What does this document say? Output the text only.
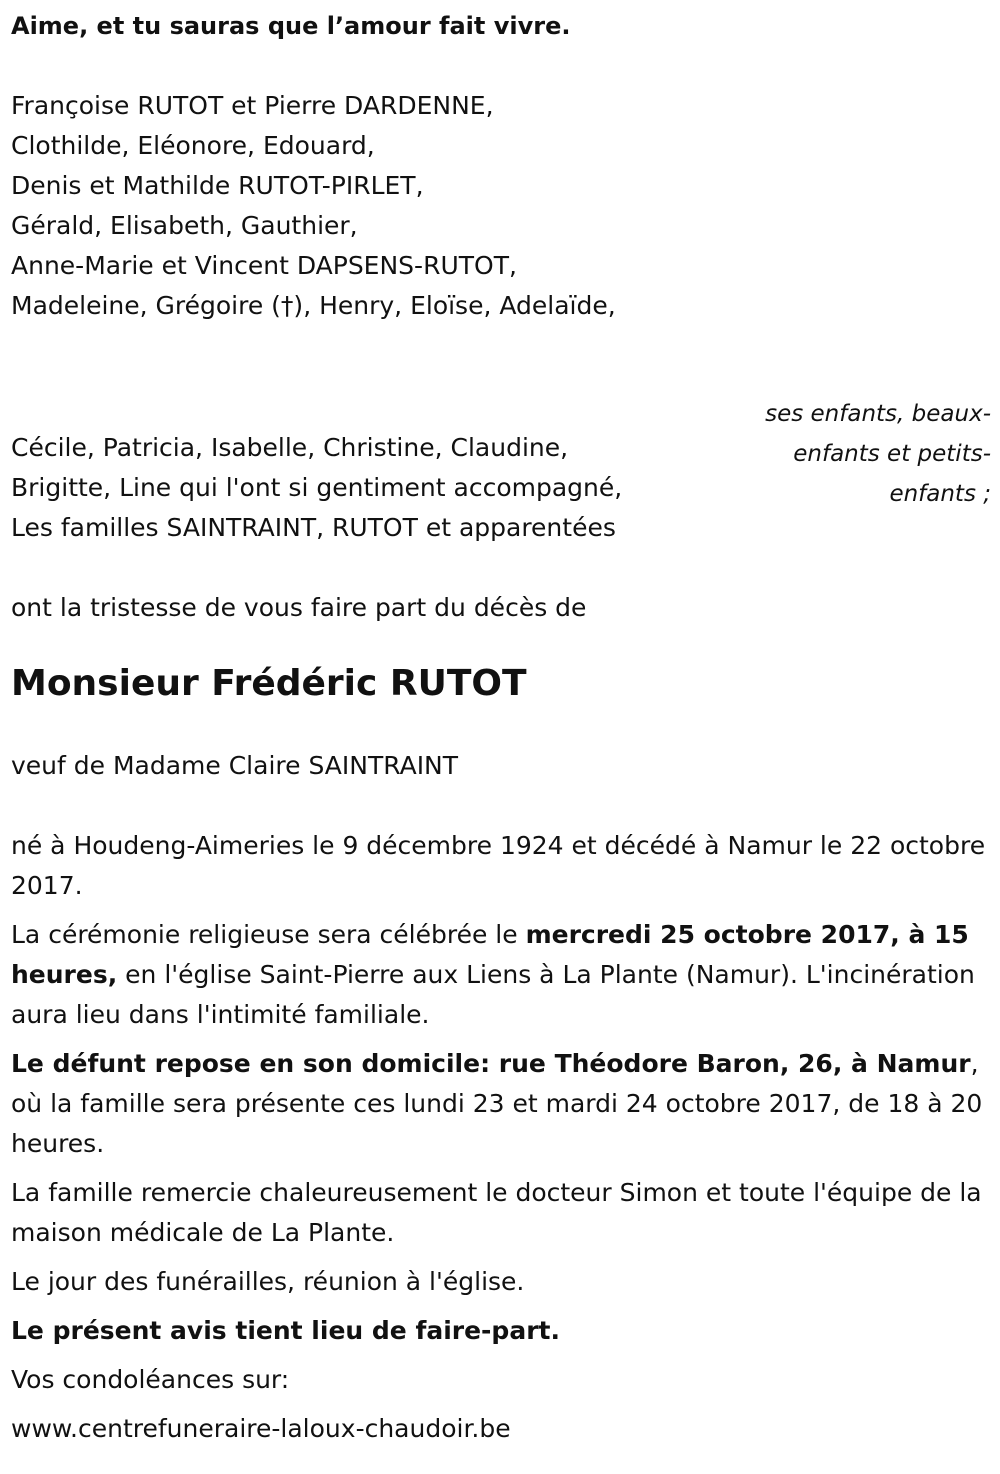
Aime, et tu sauras que l’amour fait vivre.
Françoise RUTOT et Pierre DARDENNE,
Clothilde, Eléonore, Edouard,
Denis et Mathilde RUTOT-PIRLET,
Gérald, Elisabeth, Gauthier,
Anne-Marie et Vincent DAPSENS-RUTOT,
Madeleine, Grégoire (†), Henry, Eloïse, Adelaïde,
ses enfants, beaux-
enfants et petits-
enfants ;
Cécile, Patricia, Isabelle, Christine, Claudine,
Brigitte, Line qui l'ont si gentiment accompagné,
Les familles SAINTRAINT, RUTOT et apparentées
ont la tristesse de vous faire part du décès de
Monsieur Frédéric RUTOT
veuf de Madame Claire SAINTRAINT
né à Houdeng-Aimeries le 9 décembre 1924 et décédé à Namur le 22 octobre 2017.
La cérémonie religieuse sera célébrée le mercredi 25 octobre 2017, à 15 heures, en l'église Saint-Pierre aux Liens à La Plante (Namur). L'incinération aura lieu dans l'intimité familiale.
Le défunt repose en son domicile: rue Théodore Baron, 26, à Namur, où la famille sera présente ces lundi 23 et mardi 24 octobre 2017, de 18 à 20 heures.
La famille remercie chaleureusement le docteur Simon et toute l'équipe de la maison médicale de La Plante.
Le jour des funérailles, réunion à l'église.
Le présent avis tient lieu de faire-part.
Vos condoléances sur:
www.centrefuneraire-laloux-chaudoir.be
